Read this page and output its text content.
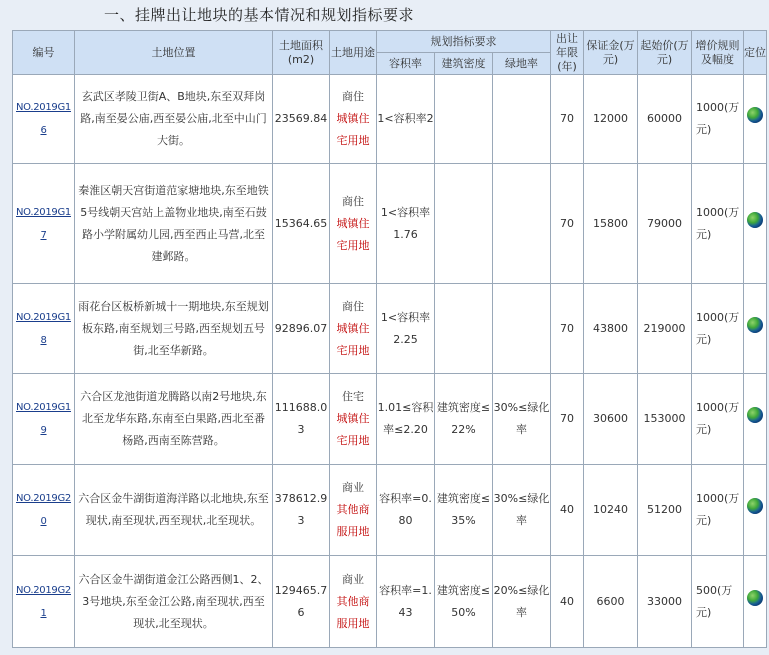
一、挂牌出让地块的基本情况和规划指标要求
编号	土地位置	土地面积(m2)	土地用途	规划指标要求			出让年限(年)	保证金(万元)	起始价(万元)	增价规则及幅度	定位
				容积率	建筑密度	绿地率					
NO.2019G16	玄武区孝陵卫街A、B地块,东至双拜岗路,南至晏公庙,西至晏公庙,北至中山门大街。	23569.84	商住
城镇住宅用地	1<容积率2			70	12000	60000	1000(万元)	
NO.2019G17	秦淮区朝天宫街道范家塘地块,东至地铁5号线朝天宫站上盖物业地块,南至石鼓路小学附属幼儿园,西至西止马营,北至建邺路。	15364.65	商住
城镇住宅用地	1<容积率1.76			70	15800	79000	1000(万元)	
NO.2019G18	雨花台区板桥新城十一期地块,东至规划板东路,南至规划三号路,西至规划五号街,北至华新路。	92896.07	商住
城镇住宅用地	1<容积率2.25			70	43800	219000	1000(万元)	
NO.2019G19	六合区龙池街道龙腾路以南2号地块,东北至龙华东路,东南至白果路,西北至番杨路,西南至陈营路。	111688.03	住宅
城镇住宅用地	1.01≤容积率≤2.20	建筑密度≤22%	30%≤绿化率	70	30600	153000	1000(万元)	
NO.2019G20	六合区金牛湖街道海洋路以北地块,东至现状,南至现状,西至现状,北至现状。	378612.93	商业
其他商服用地	容积率=0.80	建筑密度≤35%	30%≤绿化率	40	10240	51200	1000(万元)	
NO.2019G21	六合区金牛湖街道金江公路西侧1、2、3号地块,东至金江公路,南至现状,西至现状,北至现状。	129465.76	商业
其他商服用地	容积率=1.43	建筑密度≤50%	20%≤绿化率	40	6600	33000	500(万元)	
